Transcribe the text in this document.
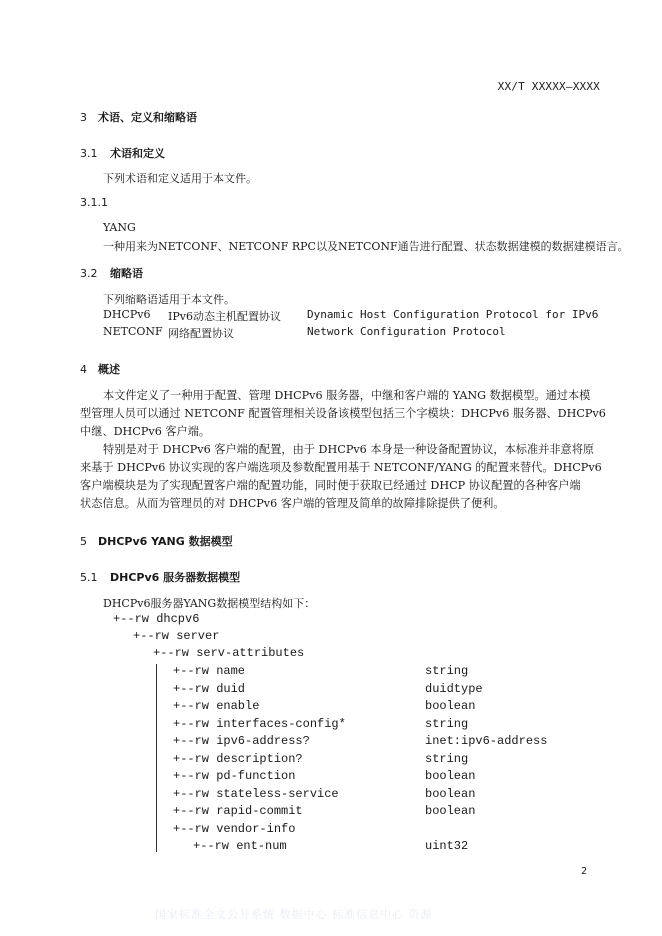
XX/T XXXXX—XXXX
3 术语、定义和缩略语
3.1 术语和定义
下列术语和定义适用于本文件。
3.1.1
YANG
一种用来为NETCONF、NETCONF RPC以及NETCONF通告进行配置、状态数据建模的数据建模语言。
3.2 缩略语
下列缩略语适用于本文件。
DHCPv6 IPv6动态主机配置协议 Dynamic Host Configuration Protocol for IPv6
NETCONF 网络配置协议	Network Configuration Protocol
4 概述
本文件定义了一种用于配置、管理 DHCPv6 服务器，中继和客户端的 YANG 数据模型。通过本模
型管理人员可以通过 NETCONF 配置管理相关设备该模型包括三个字模块：DHCPv6 服务器、DHCPv6
中继、DHCPv6 客户端。
特别是对于 DHCPv6 客户端的配置，由于 DHCPv6 本身是一种设备配置协议，本标准并非意将原
来基于 DHCPv6 协议实现的客户端选项及参数配置用基于 NETCONF/YANG 的配置来替代。DHCPv6
客户端模块是为了实现配置客户端的配置功能，同时便于获取已经通过 DHCP 协议配置的各种客户端
状态信息。从而为管理员的对 DHCPv6 客户端的管理及简单的故障排除提供了便利。
5 DHCPv6 YANG 数据模型
5.1 DHCPv6 服务器数据模型
DHCPv6服务器YANG数据模型结构如下：
+--rw dhcpv6
+--rw server
+--rw serv-attributes
+--rw name	string
+--rw duid	duidtype
+--rw enable	boolean
+--rw interfaces-config*	string
+--rw ipv6-address?	inet:ipv6-address
+--rw description?	string
+--rw pd-function	boolean
+--rw stateless-service	boolean
+--rw rapid-commit	boolean
+--rw vendor-info
+--rw ent-num	uint32
2
国家标准全文公开系统 数据中心 标准信息中心 资源
